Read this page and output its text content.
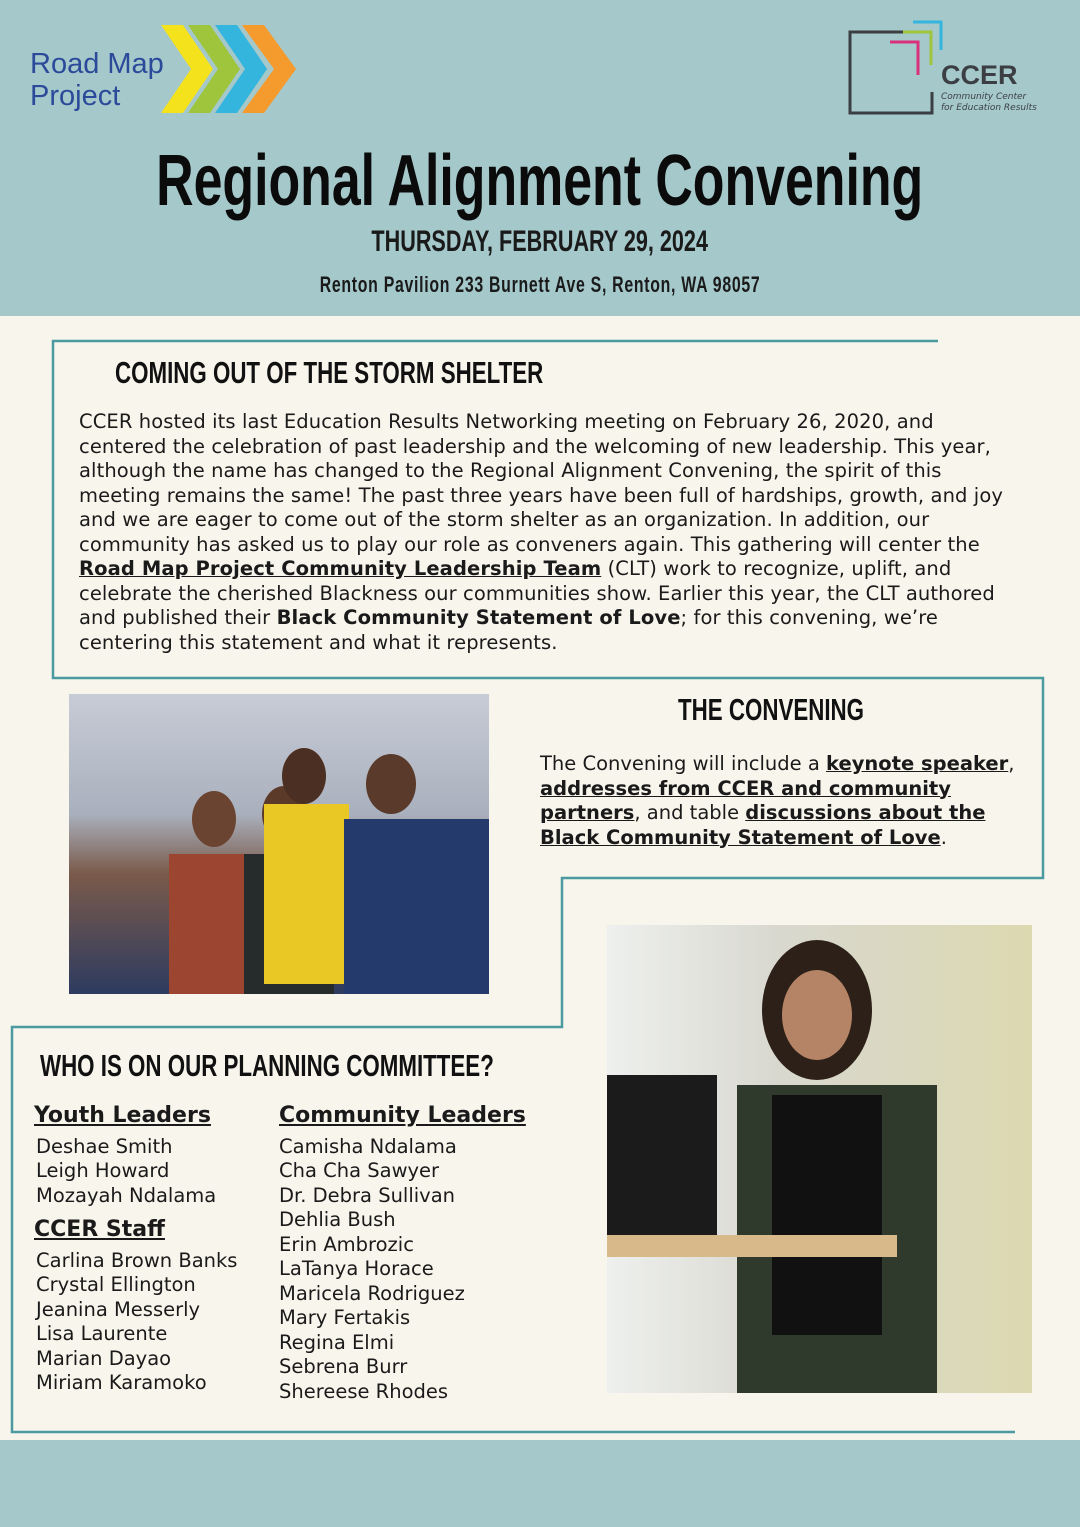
Road Map Project
CCER
Community Center
for Education Results
Regional Alignment Convening
THURSDAY, FEBRUARY 29, 2024
Renton Pavilion 233 Burnett Ave S, Renton, WA 98057
COMING OUT OF THE STORM SHELTER
CCER hosted its last Education Results Networking meeting on February 26, 2020, and centered the celebration of past leadership and the welcoming of new leadership. This year, although the name has changed to the Regional Alignment Convening, the spirit of this meeting remains the same! The past three years have been full of hardships, growth, and joy and we are eager to come out of the storm shelter as an organization. In addition, our community has asked us to play our role as conveners again. This gathering will center the Road Map Project Community Leadership Team (CLT) work to recognize, uplift, and celebrate the cherished Blackness our communities show. Earlier this year, the CLT authored and published their Black Community Statement of Love; for this convening, we’re centering this statement and what it represents.
THE CONVENING
The Convening will include a keynote speaker, addresses from CCER and community partners, and table discussions about the Black Community Statement of Love.
WHO IS ON OUR PLANNING COMMITTEE?
Youth Leaders
Deshae Smith
Leigh Howard
Mozayah Ndalama
CCER Staff
Carlina Brown Banks
Crystal Ellington
Jeanina Messerly
Lisa Laurente
Marian Dayao
Miriam Karamoko
Community Leaders
Camisha Ndalama
Cha Cha Sawyer
Dr. Debra Sullivan
Dehlia Bush
Erin Ambrozic
LaTanya Horace
Maricela Rodriguez
Mary Fertakis
Regina Elmi
Sebrena Burr
Shereese Rhodes
